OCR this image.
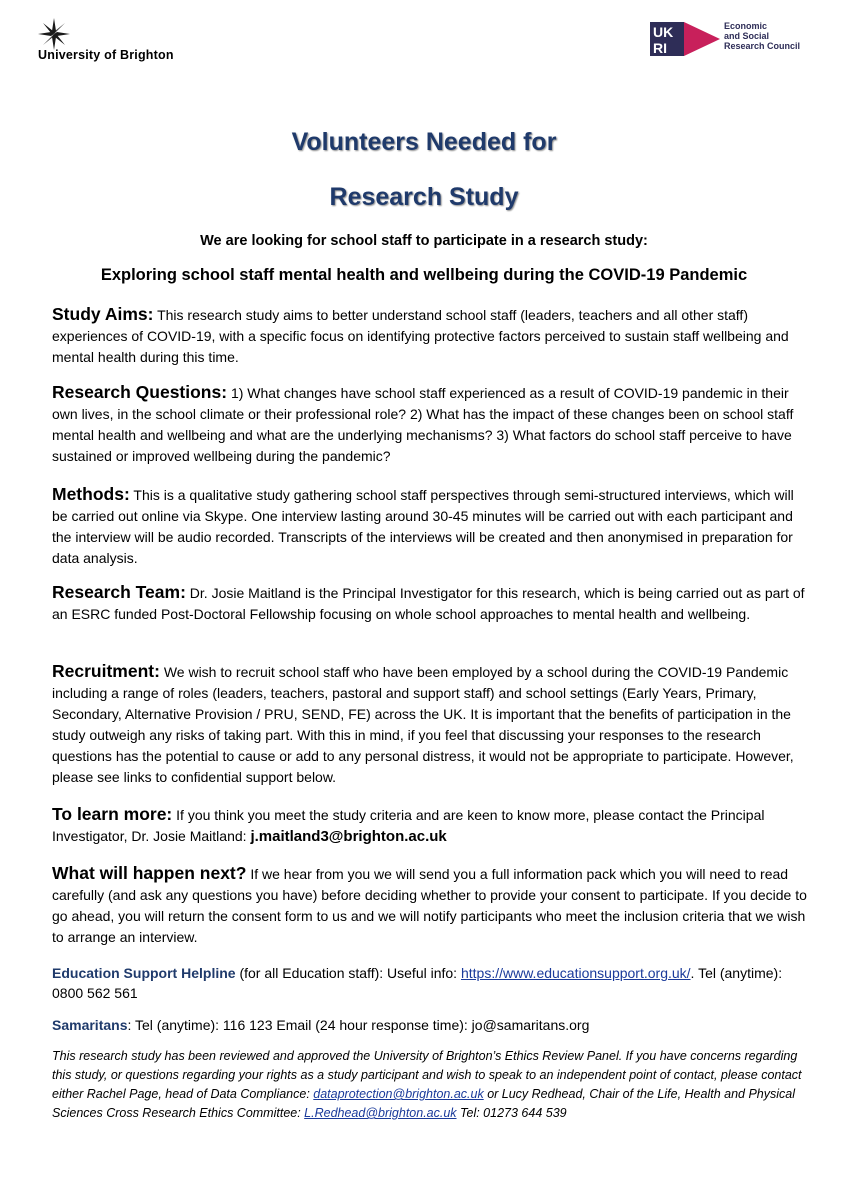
University of Brighton
UK
RI
Economic
and Social
Research Council
Volunteers Needed for
Research Study
We are looking for school staff to participate in a research study:
Exploring school staff mental health and wellbeing during the COVID-19 Pandemic
Study Aims: This research study aims to better understand school staff (leaders, teachers and all other staff) experiences of COVID-19, with a specific focus on identifying protective factors perceived to sustain staff wellbeing and mental health during this time.
Research Questions: 1) What changes have school staff experienced as a result of COVID-19 pandemic in their own lives, in the school climate or their professional role? 2) What has the impact of these changes been on school staff mental health and wellbeing and what are the underlying mechanisms? 3) What factors do school staff perceive to have sustained or improved wellbeing during the pandemic?
Methods: This is a qualitative study gathering school staff perspectives through semi-structured interviews, which will be carried out online via Skype. One interview lasting around 30-45 minutes will be carried out with each participant and the interview will be audio recorded. Transcripts of the interviews will be created and then anonymised in preparation for data analysis.
Research Team: Dr. Josie Maitland is the Principal Investigator for this research, which is being carried out as part of an ESRC funded Post-Doctoral Fellowship focusing on whole school approaches to mental health and wellbeing.
Recruitment: We wish to recruit school staff who have been employed by a school during the COVID-19 Pandemic including a range of roles (leaders, teachers, pastoral and support staff) and school settings (Early Years, Primary, Secondary, Alternative Provision / PRU, SEND, FE) across the UK. It is important that the benefits of participation in the study outweigh any risks of taking part. With this in mind, if you feel that discussing your responses to the research questions has the potential to cause or add to any personal distress, it would not be appropriate to participate. However, please see links to confidential support below.
To learn more: If you think you meet the study criteria and are keen to know more, please contact the Principal Investigator, Dr. Josie Maitland: j.maitland3@brighton.ac.uk
What will happen next? If we hear from you we will send you a full information pack which you will need to read carefully (and ask any questions you have) before deciding whether to provide your consent to participate. If you decide to go ahead, you will return the consent form to us and we will notify participants who meet the inclusion criteria that we wish to arrange an interview.
Education Support Helpline (for all Education staff): Useful info: https://www.educationsupport.org.uk/. Tel (anytime): 0800 562 561
Samaritans: Tel (anytime): 116 123 Email (24 hour response time): jo@samaritans.org
This research study has been reviewed and approved the University of Brighton’s Ethics Review Panel. If you have concerns regarding this study, or questions regarding your rights as a study participant and wish to speak to an independent point of contact, please contact either Rachel Page, head of Data Compliance: dataprotection@brighton.ac.uk or Lucy Redhead, Chair of the Life, Health and Physical Sciences Cross Research Ethics Committee: L.Redhead@brighton.ac.uk Tel: 01273 644 539
